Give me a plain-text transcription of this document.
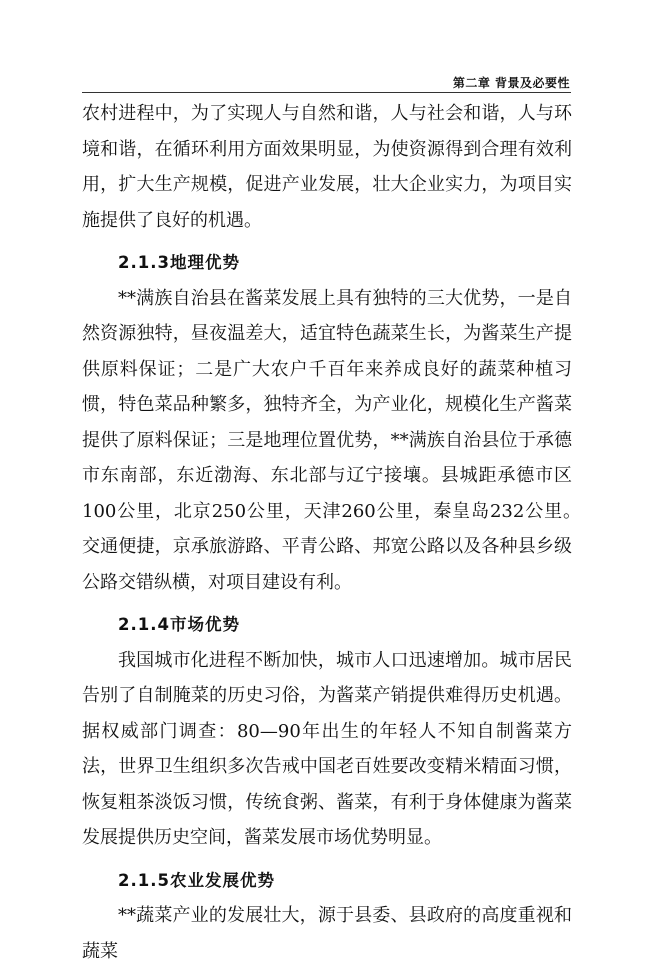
第二章 背景及必要性

农村进程中，为了实现人与自然和谐，人与社会和谐，人与环境和谐，在循环利用方面效果明显，为使资源得到合理有效利用，扩大生产规模，促进产业发展，壮大企业实力，为项目实施提供了良好的机遇。

2.1.3地理优势

**满族自治县在酱菜发展上具有独特的三大优势，一是自然资源独特，昼夜温差大，适宜特色蔬菜生长，为酱菜生产提供原料保证；二是广大农户千百年来养成良好的蔬菜种植习惯，特色菜品种繁多，独特齐全，为产业化，规模化生产酱菜提供了原料保证；三是地理位置优势，**满族自治县位于承德市东南部，东近渤海、东北部与辽宁接壤。县城距承德市区100公里，北京250公里，天津260公里，秦皇岛232公里。　交通便捷，京承旅游路、平青公路、邦宽公路以及各种县乡级公路交错纵横，对项目建设有利。

2.1.4市场优势

我国城市化进程不断加快，城市人口迅速增加。城市居民告别了自制腌菜的历史习俗，为酱菜产销提供难得历史机遇。据权威部门调查：80—90年出生的年轻人不知自制酱菜方法，世界卫生组织多次告戒中国老百姓要改变精米精面习惯，恢复粗茶淡饭习惯，传统食粥、酱菜，有利于身体健康为酱菜发展提供历史空间，酱菜发展市场优势明显。

2.1.5农业发展优势

**蔬菜产业的发展壮大，源于县委、县政府的高度重视和蔬菜
